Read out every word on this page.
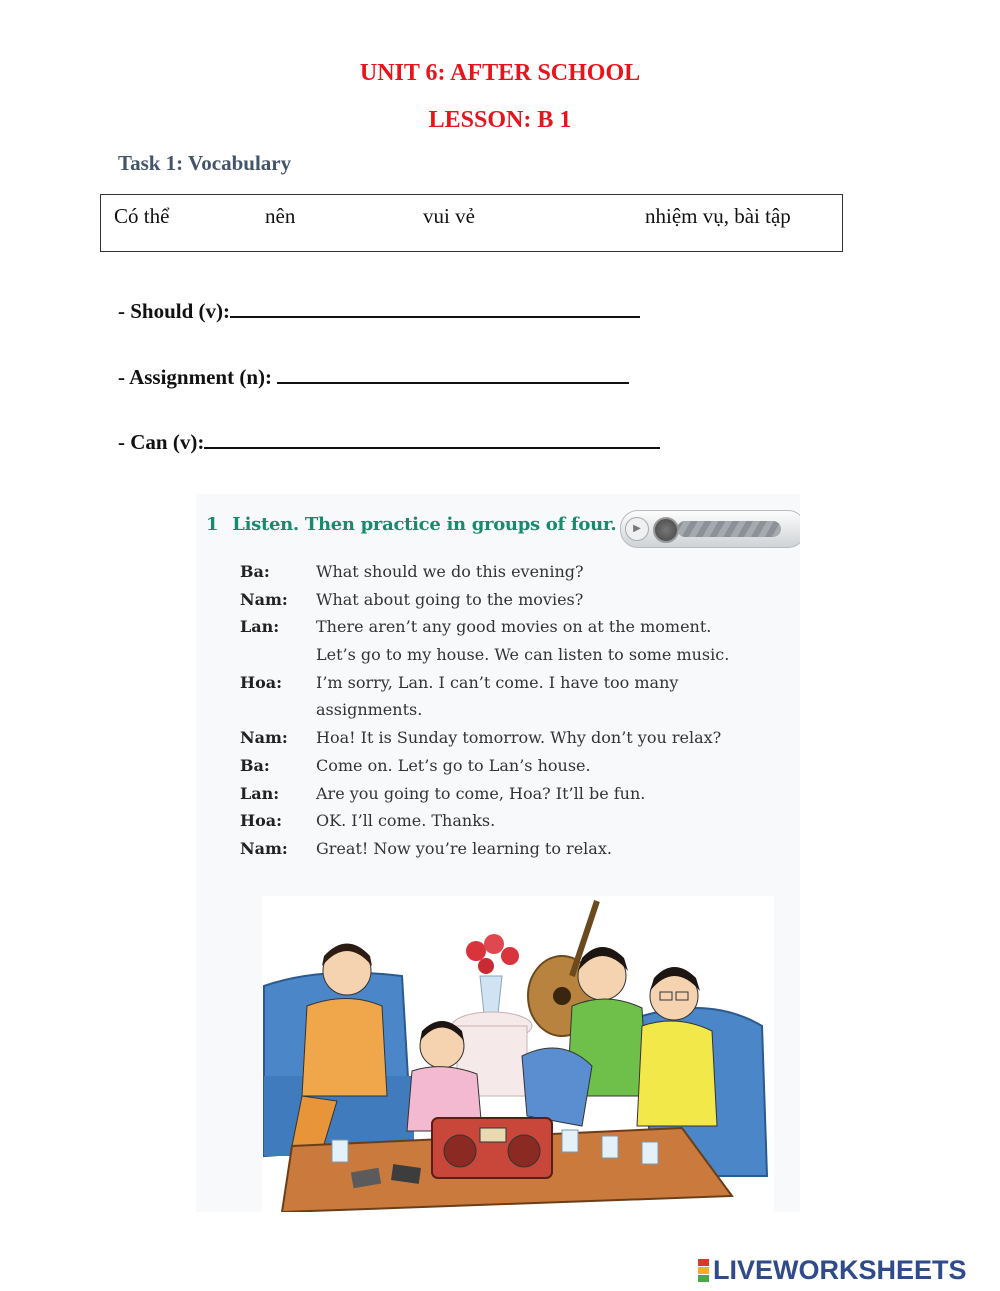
UNIT 6: AFTER SCHOOL
LESSON: B 1
Task 1: Vocabulary
Có thể	nên	vui vẻ	nhiệm vụ, bài tập
- Should (v):
- Assignment (n):
- Can (v):
1 Listen. Then practice in groups of four.	▶
Ba:	What should we do this evening?
Nam: What about going to the movies?
Lan: There aren’t any good movies on at the moment.
Let’s go to my house. We can listen to some music.
Hoa: I’m sorry, Lan. I can’t come. I have too many
assignments.
Nam: Hoa! It is Sunday tomorrow. Why don’t you relax?
Ba:	Come on. Let’s go to Lan’s house.
Lan: Are you going to come, Hoa? It’ll be fun.
Hoa: OK. I’ll come. Thanks.
Nam: Great! Now you’re learning to relax.
LIVEWORKSHEETS
